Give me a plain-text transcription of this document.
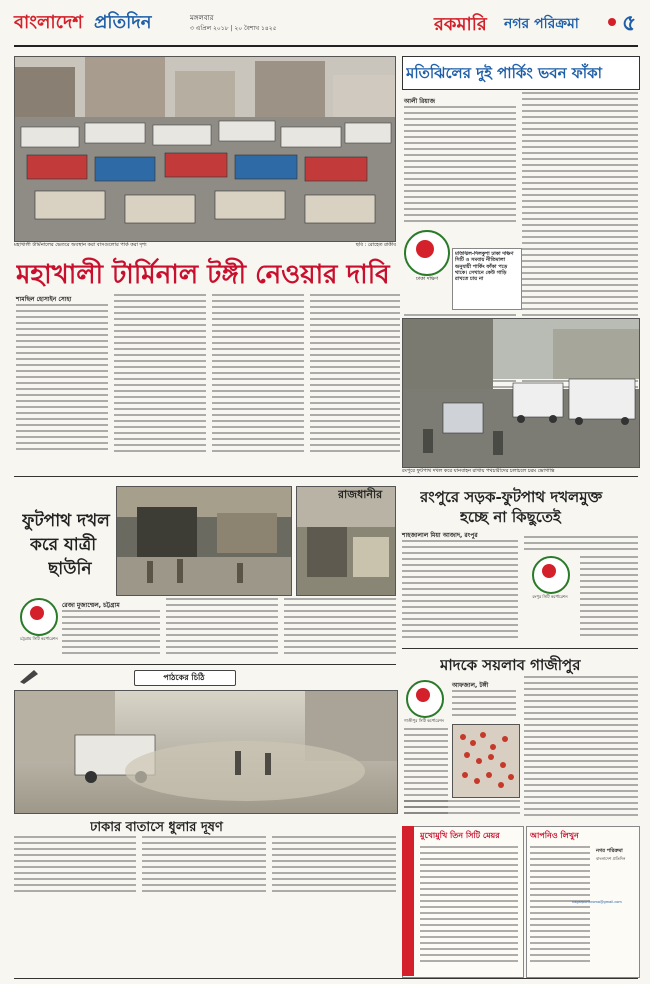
বাংলাদেশ প্রতিদিন	মঙ্গলবার
৩ এপ্রিল ২০১৮ | ২০ বৈশাখ ১৪২৫	রকমারি নগর পরিক্রমা ৫
মহাখালী টার্মিনালের ভেতরে অবস্থান করা বাসগুলোর পার্ক করা দৃশ্য	ছবি : রোহেত রাকীব
মতিঝিলের দুই পার্কিং ভবন ফাঁকা
আলী রিয়াজ
ঢাকা দক্ষিণ
মতিঝিল-দিলকুশা ঢাকা দক্ষিণ সিটি ও সমবায় নীতিমালা অনুযায়ী পার্কিং ফাঁকা পড়ে থাকে। সেখানে কেউ গাড়ি রাখতে চায় না
মহাখালী টার্মিনাল টঙ্গী নেওয়ার দাবি
শামছিল হোসাইন সোহা
রংপুরে ফুটপাথ দখল করে যানবাহন রাখায় পথচারীদের চলাচলে চরম ভোগান্তি
ফুটপাথ দখল
করে যাত্রী
ছাউনি
চট্টগ্রাম সিটি কর্পোরেশন
রেজা মুজাম্মেল, চট্টগ্রাম
পাঠকের চিঠি
ঢাকার বাতাসে ধুলার দূষণ
রংপুরে সড়ক-ফুটপাথ দখলমুক্ত
হচ্ছে না কিছুতেই
শাহজালাল মিয়া আজাদ, রংপুর
রংপুর সিটি কর্পোরেশন
রাজধানীর
মাদকে সয়লাব গাজীপুর
গাজীপুর সিটি কর্পোরেশন
আফজাল, টঙ্গী
মুখোমুখি তিন সিটি মেয়র	আপনিও লিখুন
নগর পরিক্রমা
বাংলাদেশ প্রতিদিন
nagarporikroma@gmail.com
